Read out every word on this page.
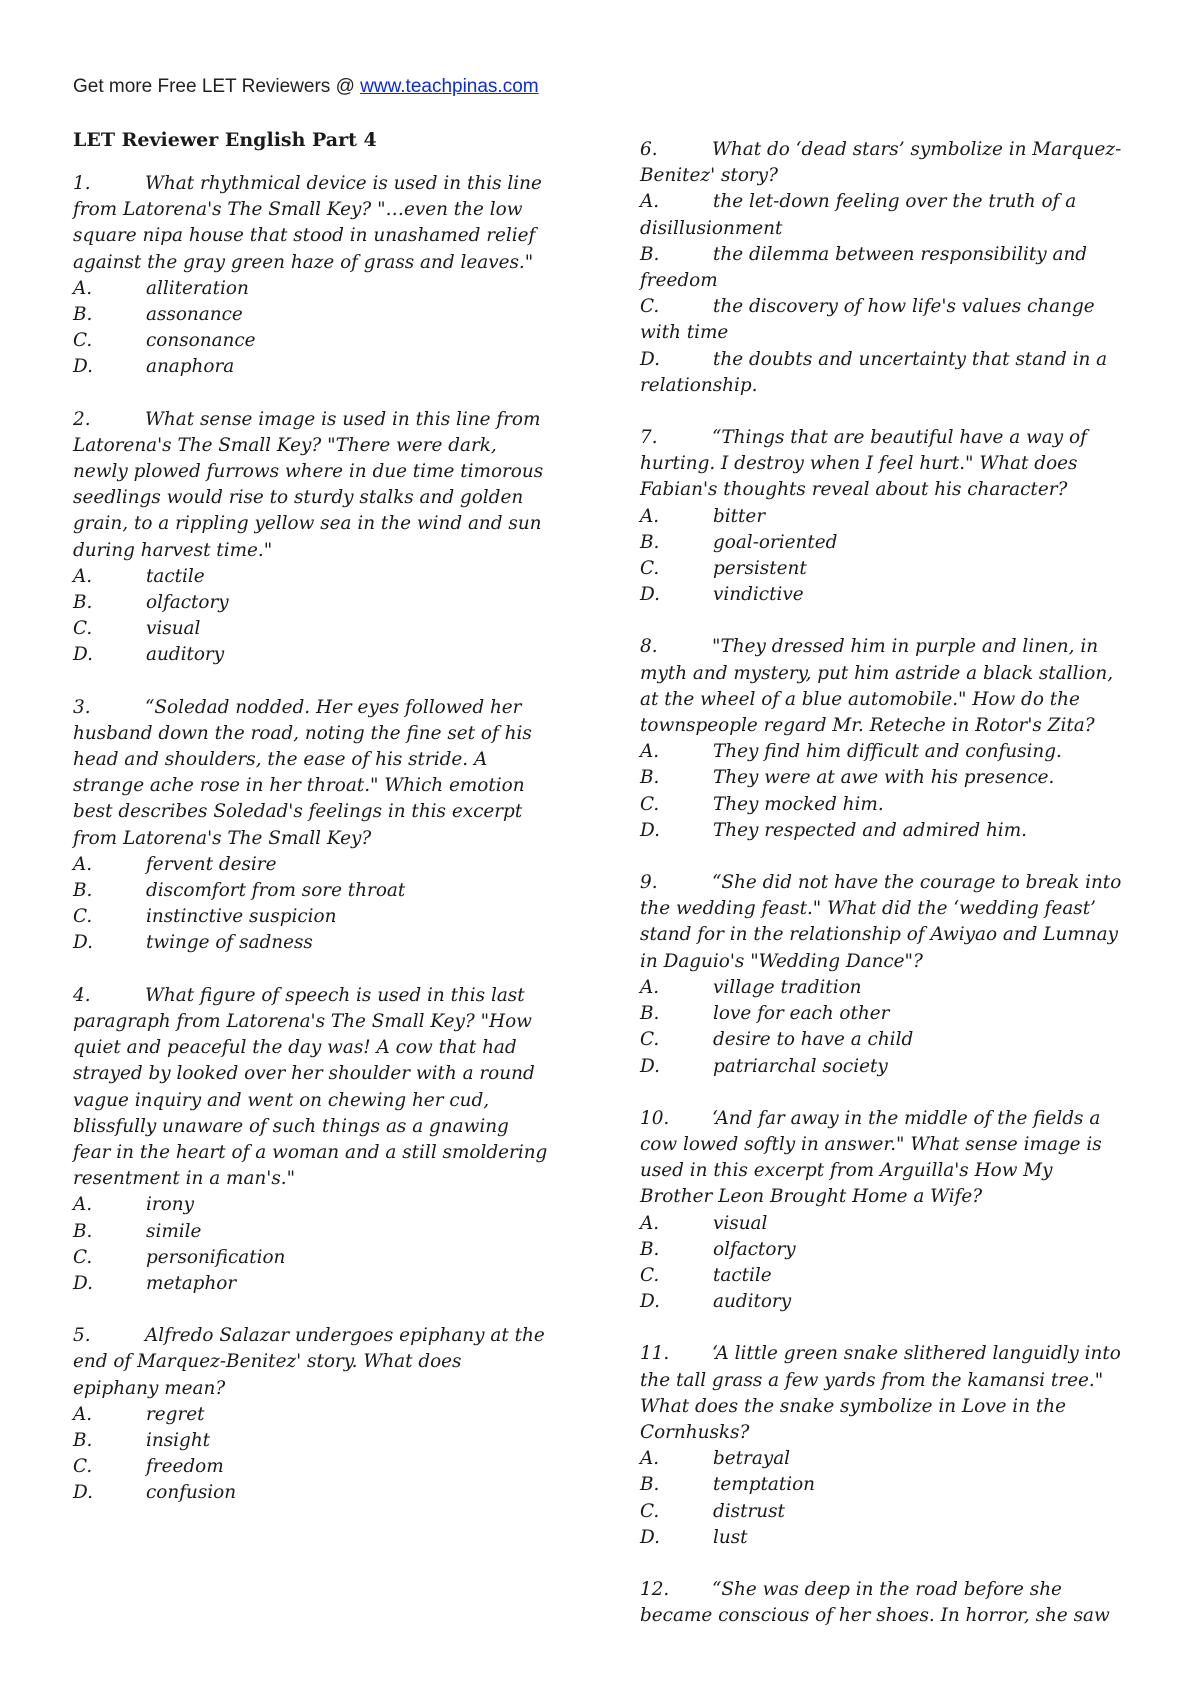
Get more Free LET Reviewers @ www.teachpinas.com
LET Reviewer English Part 4
1.	What rhythmical device is used in this line from Latorena's The Small Key? "…even the low square nipa house that stood in unashamed relief against the gray green haze of grass and leaves."
A.	alliteration
B.	assonance
C.	consonance
D.	anaphora
2.	What sense image is used in this line from Latorena's The Small Key? "There were dark, newly plowed furrows where in due time timorous seedlings would rise to sturdy stalks and golden grain, to a rippling yellow sea in the wind and sun during harvest time."
A.	tactile
B.	olfactory
C.	visual
D.	auditory
3.	“Soledad nodded. Her eyes followed her husband down the road, noting the fine set of his head and shoulders, the ease of his stride. A strange ache rose in her throat." Which emotion best describes Soledad's feelings in this excerpt from Latorena's The Small Key?
A.	fervent desire
B.	discomfort from sore throat
C.	instinctive suspicion
D.	twinge of sadness
4.	What figure of speech is used in this last paragraph from Latorena's The Small Key? "How quiet and peaceful the day was! A cow that had strayed by looked over her shoulder with a round vague inquiry and went on chewing her cud, blissfully unaware of such things as a gnawing fear in the heart of a woman and a still smoldering resentment in a man's."
A.	irony
B.	simile
C.	personification
D.	metaphor
5.	Alfredo Salazar undergoes epiphany at the end of Marquez-Benitez' story. What does epiphany mean?
A.	regret
B.	insight
C.	freedom
D.	confusion
6.	What do ‘dead stars’ symbolize in Marquez-Benitez' story?
A.	the let-down feeling over the truth of a disillusionment
B.	the dilemma between responsibility and freedom
C.	the discovery of how life's values change with time
D.	the doubts and uncertainty that stand in a relationship.
7.	“Things that are beautiful have a way of hurting. I destroy when I feel hurt." What does Fabian's thoughts reveal about his character?
A.	bitter
B.	goal-oriented
C.	persistent
D.	vindictive
8.	"They dressed him in purple and linen, in myth and mystery, put him astride a black stallion, at the wheel of a blue automobile." How do the townspeople regard Mr. Reteche in Rotor's Zita?
A.	They find him difficult and confusing.
B.	They were at awe with his presence.
C.	They mocked him.
D.	They respected and admired him.
9.	“She did not have the courage to break into the wedding feast." What did the ‘wedding feast’ stand for in the relationship of Awiyao and Lumnay in Daguio's "Wedding Dance"?
A.	village tradition
B.	love for each other
C.	desire to have a child
D.	patriarchal society
10. ‘And far away in the middle of the fields a cow lowed softly in answer." What sense image is used in this excerpt from Arguilla's How My Brother Leon Brought Home a Wife?
A.	visual
B.	olfactory
C.	tactile
D.	auditory
11. ‘A little green snake slithered languidly into the tall grass a few yards from the kamansi tree." What does the snake symbolize in Love in the Cornhusks?
A.	betrayal
B.	temptation
C.	distrust
D.	lust
12. “She was deep in the road before she became conscious of her shoes. In horror, she saw
